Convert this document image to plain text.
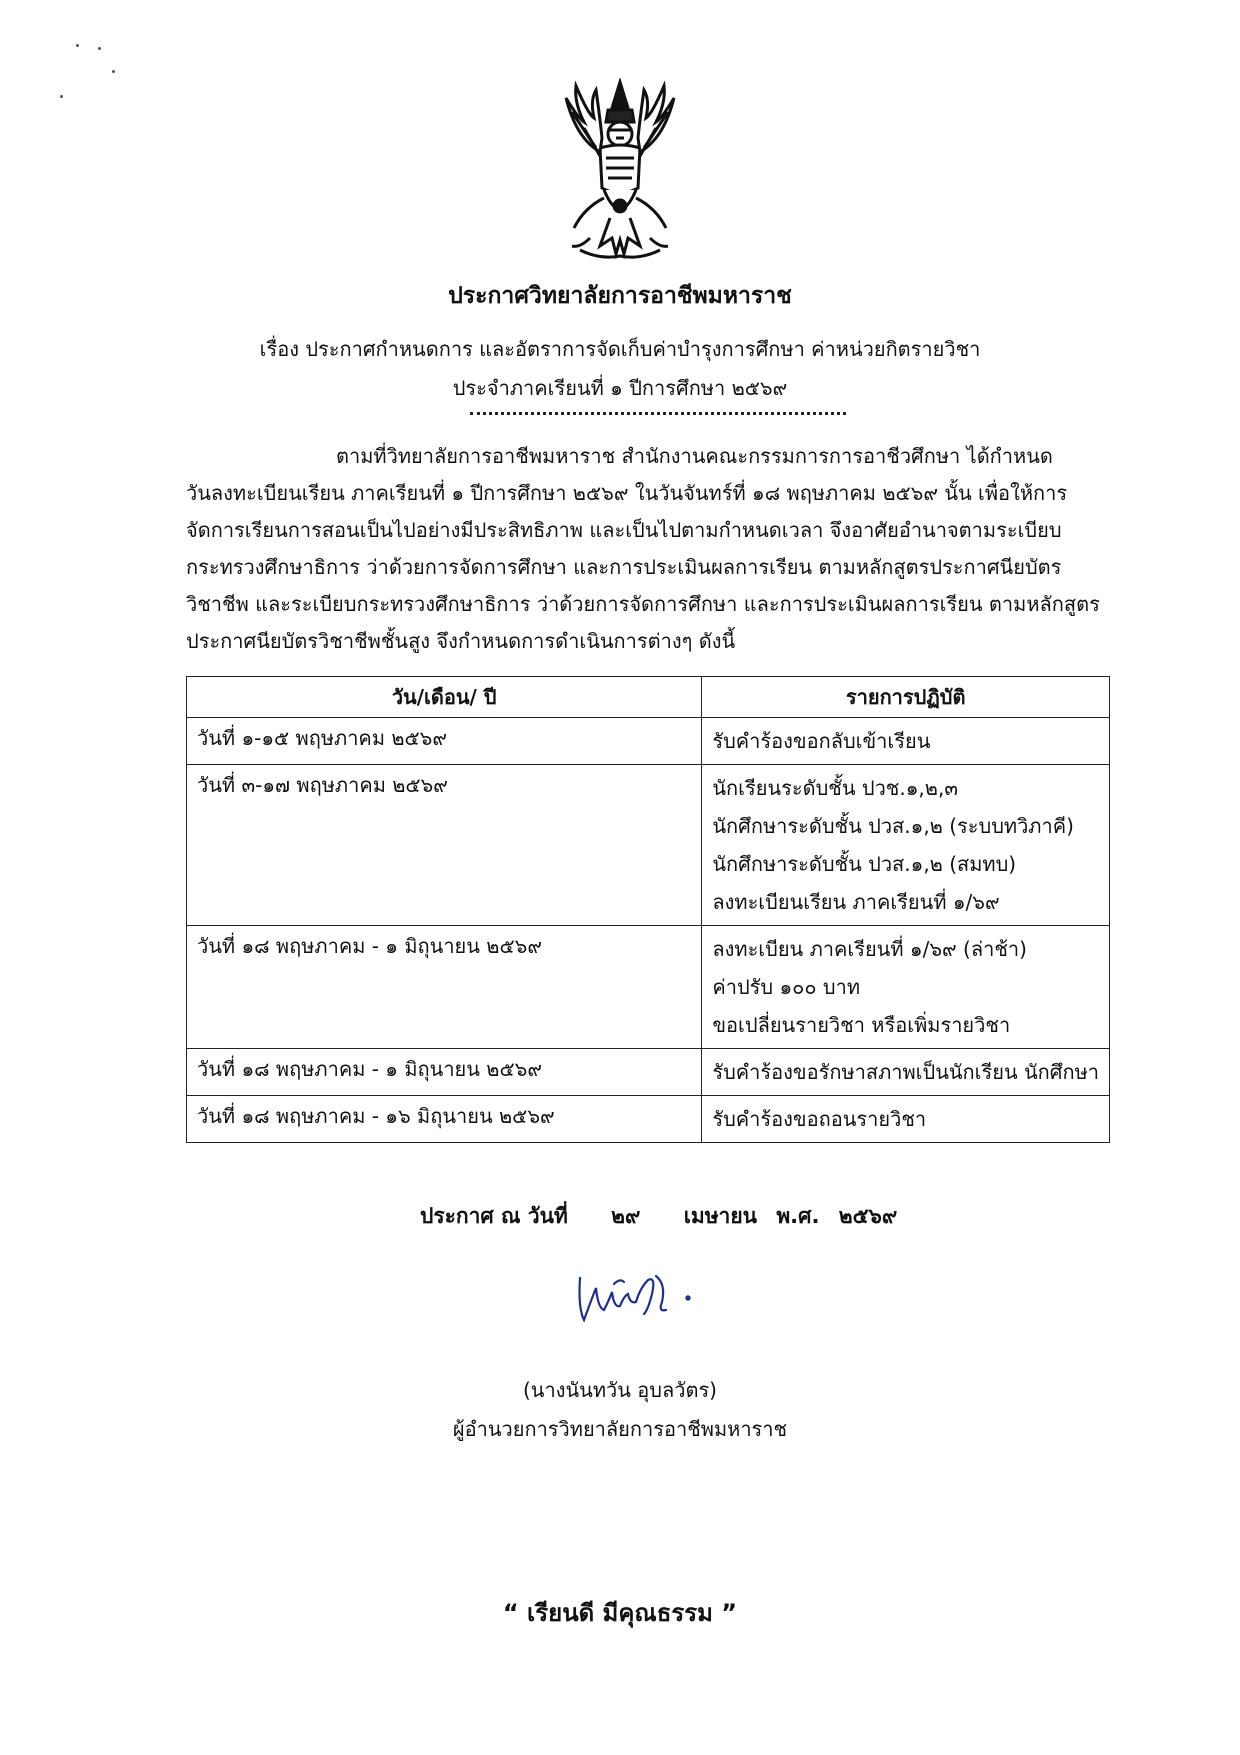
ประกาศวิทยาลัยการอาชีพมหาราช
เรื่อง ประกาศกำหนดการ และอัตราการจัดเก็บค่าบำรุงการศึกษา ค่าหน่วยกิตรายวิชา
ประจำภาคเรียนที่ ๑ ปีการศึกษา ๒๕๖๙
ตามที่วิทยาลัยการอาชีพมหาราช สำนักงานคณะกรรมการการอาชีวศึกษา ได้กำหนด
วันลงทะเบียนเรียน ภาคเรียนที่ ๑ ปีการศึกษา ๒๕๖๙ ในวันจันทร์ที่ ๑๘ พฤษภาคม ๒๕๖๙ นั้น เพื่อให้การ
จัดการเรียนการสอนเป็นไปอย่างมีประสิทธิภาพ และเป็นไปตามกำหนดเวลา จึงอาศัยอำนาจตามระเบียบ
กระทรวงศึกษาธิการ ว่าด้วยการจัดการศึกษา และการประเมินผลการเรียน ตามหลักสูตรประกาศนียบัตร
วิชาชีพ และระเบียบกระทรวงศึกษาธิการ ว่าด้วยการจัดการศึกษา และการประเมินผลการเรียน ตามหลักสูตร
ประกาศนียบัตรวิชาชีพชั้นสูง จึงกำหนดการดำเนินการต่างๆ ดังนี้
วัน/เดือน/ ปี	รายการปฏิบัติ
วันที่ ๑-๑๕ พฤษภาคม ๒๕๖๙	รับคำร้องขอกลับเข้าเรียน

วันที่ ๓-๑๗ พฤษภาคม ๒๕๖๙	นักเรียนระดับชั้น ปวช.๑,๒,๓
นักศึกษาระดับชั้น ปวส.๑,๒ (ระบบทวิภาคี)
นักศึกษาระดับชั้น ปวส.๑,๒ (สมทบ)
ลงทะเบียนเรียน ภาคเรียนที่ ๑/๖๙

วันที่ ๑๘ พฤษภาคม - ๑ มิถุนายน ๒๕๖๙	ลงทะเบียน ภาคเรียนที่ ๑/๖๙ (ล่าช้า)
ค่าปรับ ๑๐๐ บาท
ขอเปลี่ยนรายวิชา หรือเพิ่มรายวิชา

วันที่ ๑๘ พฤษภาคม - ๑ มิถุนายน ๒๕๖๙	รับคำร้องขอรักษาสภาพเป็นนักเรียน นักศึกษา

วันที่ ๑๘ พฤษภาคม - ๑๖ มิถุนายน ๒๕๖๙	รับคำร้องขอถอนรายวิชา
ประกาศ ณ วันที่ ๒๙ เมษายน พ.ศ. ๒๕๖๙
(นางนันทวัน อุบลวัตร)
ผู้อำนวยการวิทยาลัยการอาชีพมหาราช
“ เรียนดี มีคุณธรรม ”
